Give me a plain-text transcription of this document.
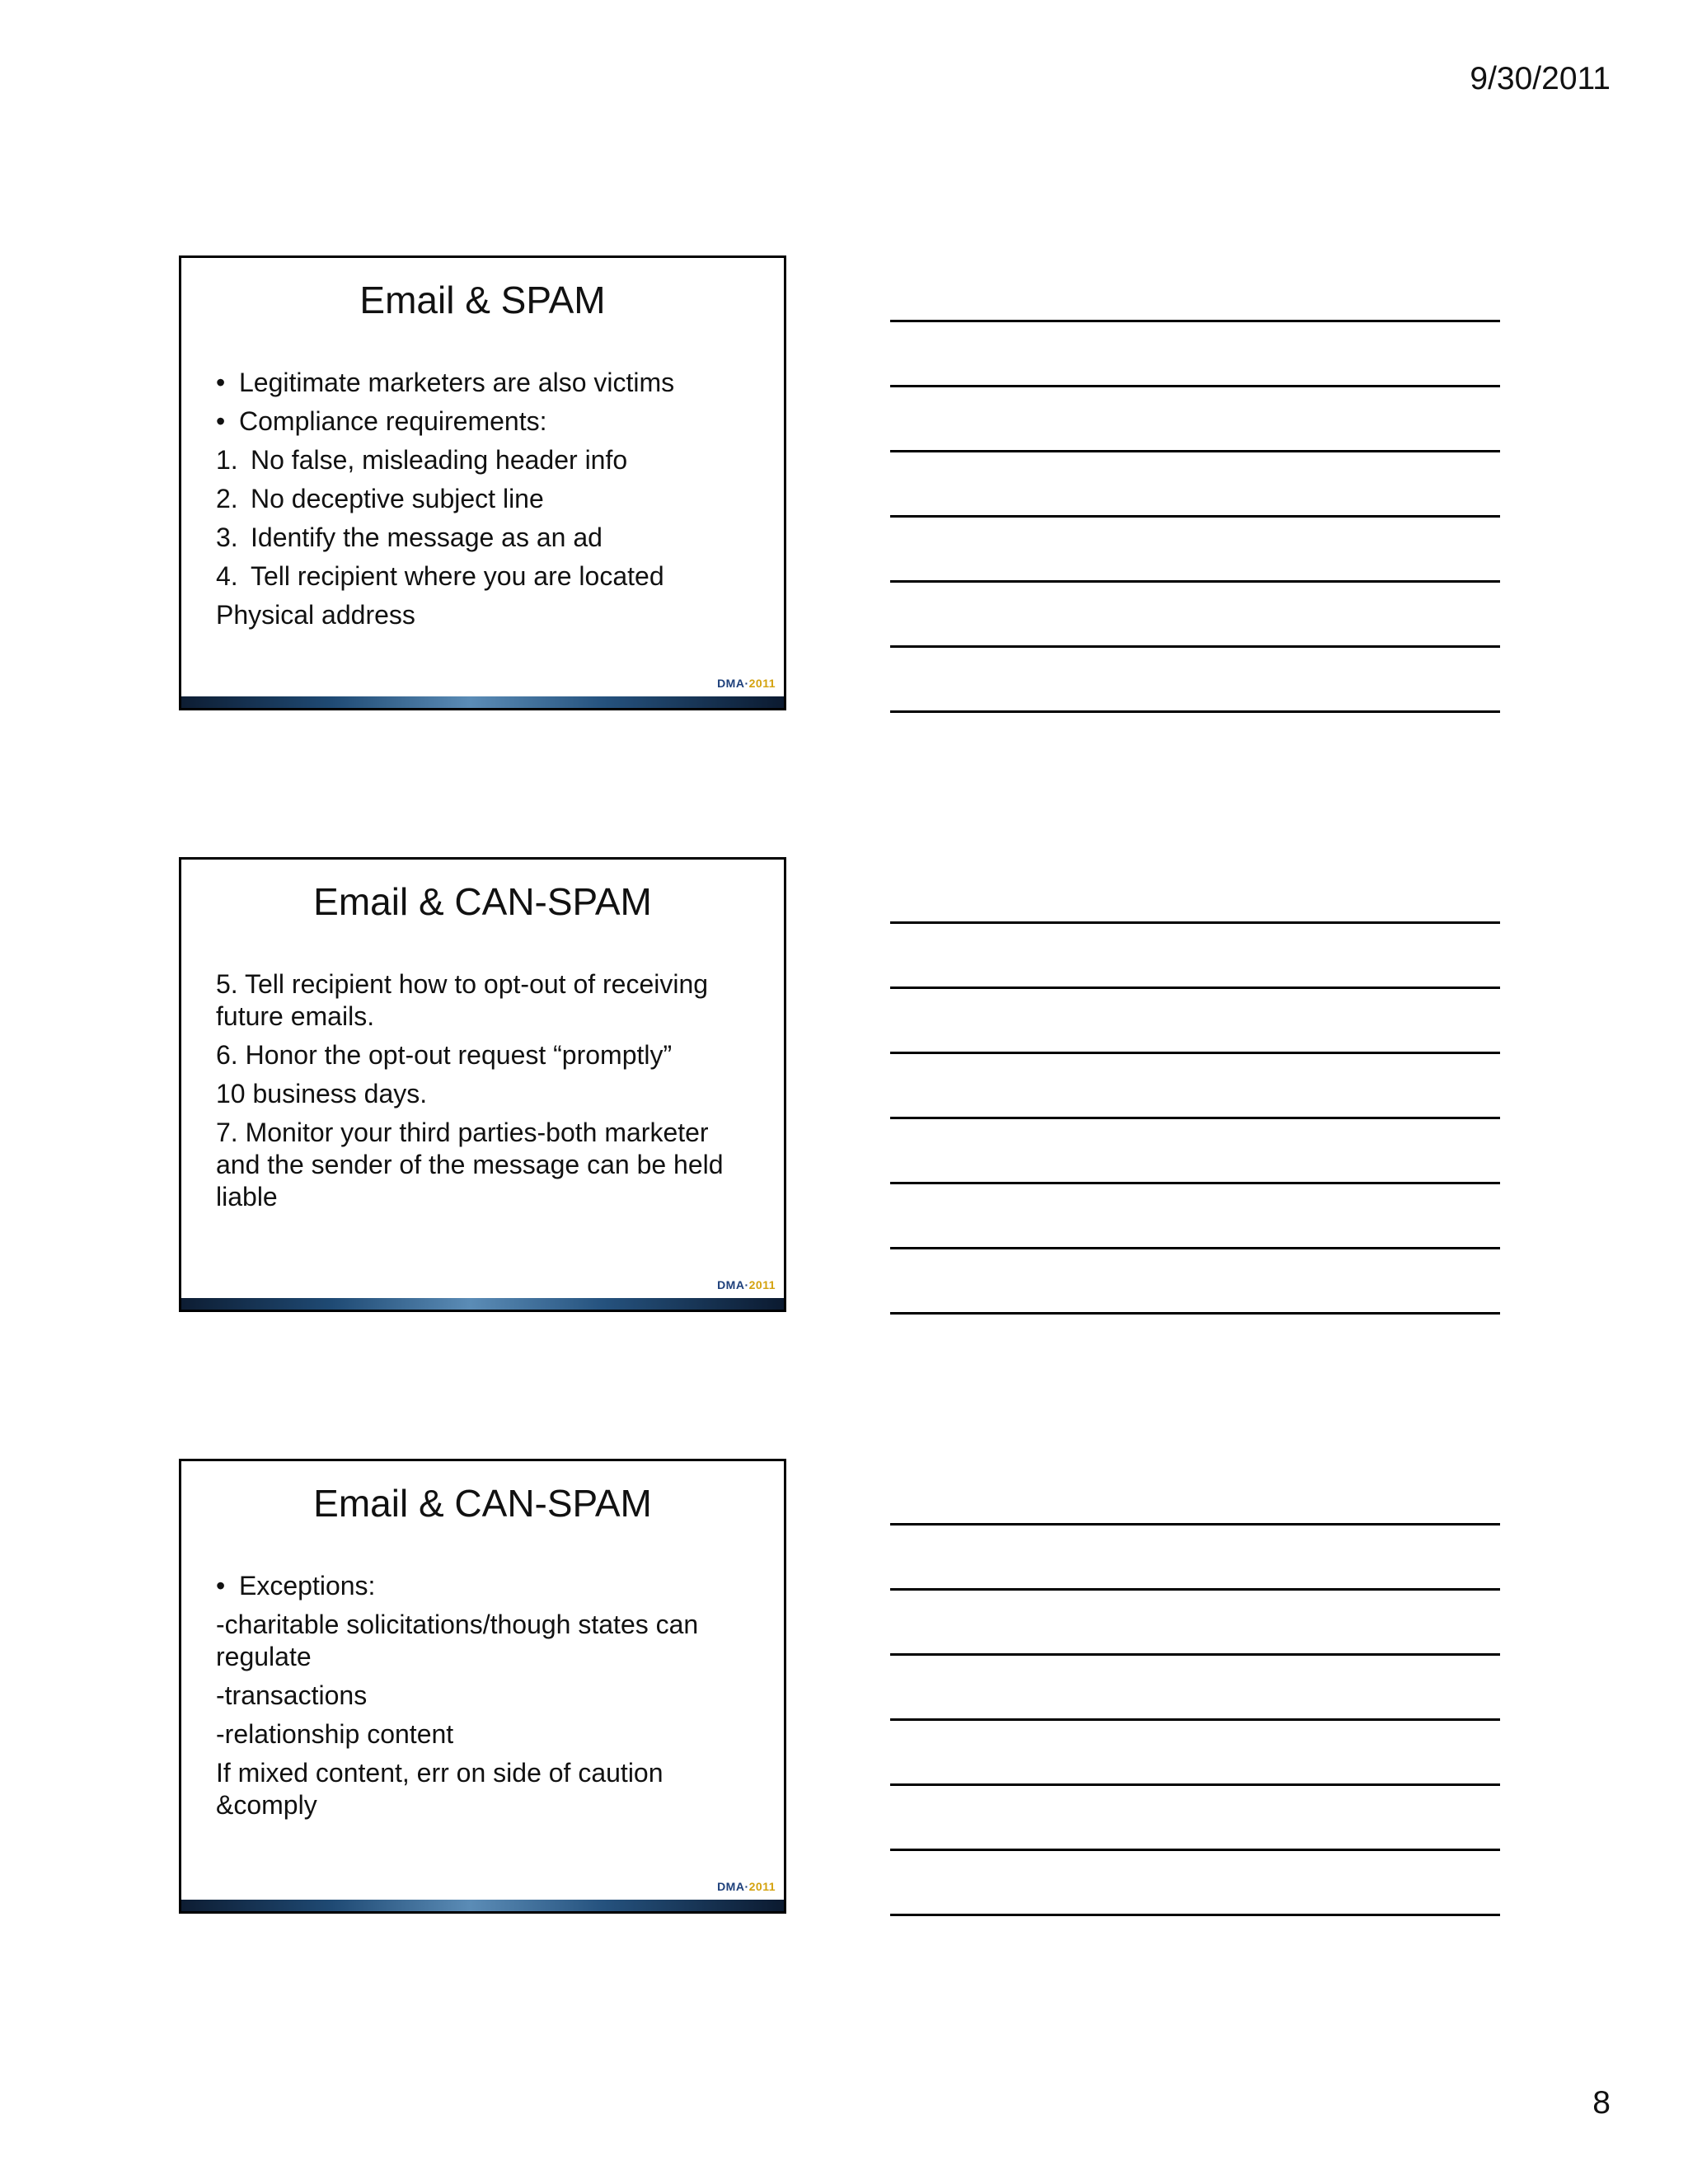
9/30/2011
Email & SPAM
• Legitimate marketers are also victims
• Compliance requirements:
1. No false, misleading header info
2. No deceptive subject line
3. Identify the message as an ad
4. Tell recipient where you are located
Physical address
DMA·2011
Email & CAN-SPAM
5. Tell recipient how to opt-out of receiving future emails.
6. Honor the opt-out request “promptly”
10 business days.
7. Monitor your third parties-both marketer and the sender of the message can be held liable
DMA·2011
Email & CAN-SPAM
• Exceptions:
-charitable solicitations/though states can regulate
-transactions
-relationship content
If mixed content, err on side of caution &comply
DMA·2011
8
